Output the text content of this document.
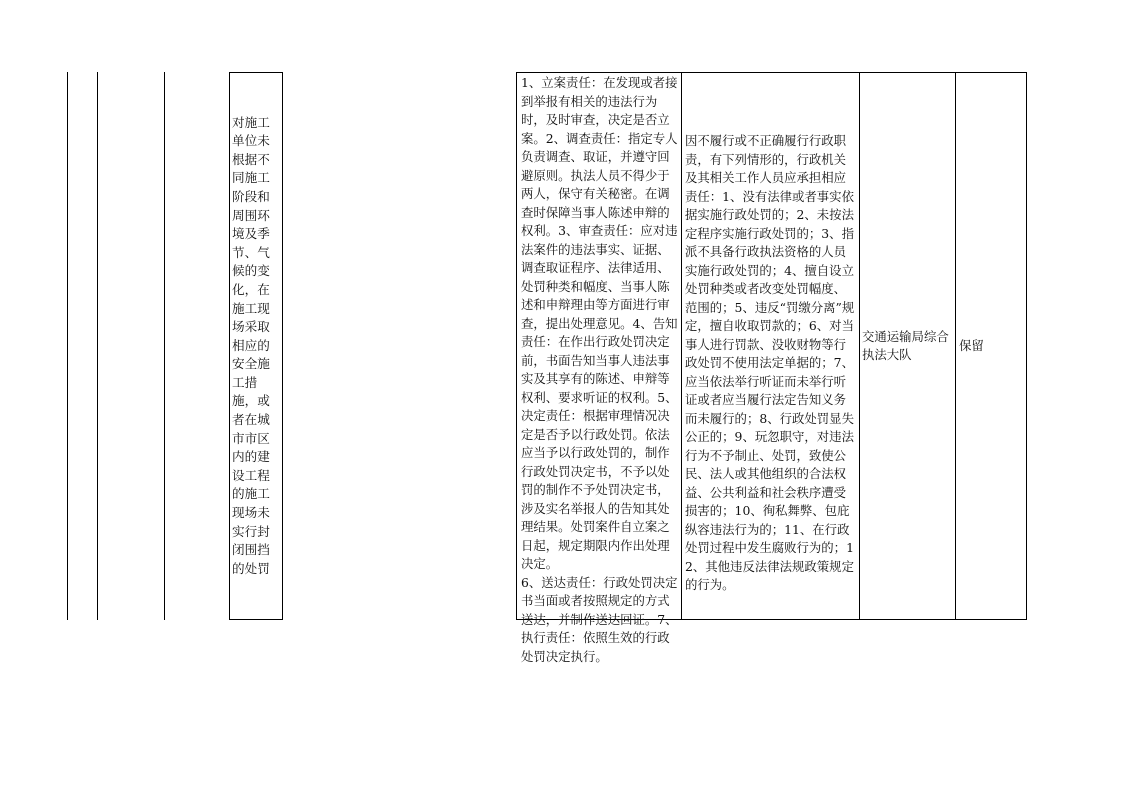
对施工单位未根据不同施工阶段和周围环境及季节、气候的变化，在施工现场采取相应的安全施工措施，或者在城市市区内的建设工程的施工现场未实行封闭围挡的处罚
1、立案责任：在发现或者接到举报有相关的违法行为时，及时审查，决定是否立案。2、调查责任：指定专人负责调查、取证，并遵守回避原则。执法人员不得少于两人，保守有关秘密。在调查时保障当事人陈述申辩的权利。3、审查责任：应对违法案件的违法事实、证据、调查取证程序、法律适用、处罚种类和幅度、当事人陈述和申辩理由等方面进行审查，提出处理意见。4、告知责任：在作出行政处罚决定前，书面告知当事人违法事实及其享有的陈述、申辩等权利、要求听证的权利。5、决定责任：根据审理情况决定是否予以行政处罚。依法应当予以行政处罚的，制作行政处罚决定书，不予以处罚的制作不予处罚决定书，涉及实名举报人的告知其处理结果。处罚案件自立案之日起，规定期限内作出处理决定。
6、送达责任：行政处罚决定书当面或者按照规定的方式送达，并制作送达回证。7、执行责任：依照生效的行政处罚决定执行。
因不履行或不正确履行行政职责，有下列情形的，行政机关及其相关工作人员应承担相应责任：1、没有法律或者事实依据实施行政处罚的；2、未按法定程序实施行政处罚的；3、指派不具备行政执法资格的人员实施行政处罚的；4、擅自设立处罚种类或者改变处罚幅度、范围的；5、违反“罚缴分离”规定，擅自收取罚款的；6、对当事人进行罚款、没收财物等行政处罚不使用法定单据的；7、应当依法举行听证而未举行听证或者应当履行法定告知义务而未履行的；8、行政处罚显失公正的；9、玩忽职守，对违法行为不予制止、处罚，致使公民、法人或其他组织的合法权益、公共利益和社会秩序遭受损害的；10、徇私舞弊、包庇纵容违法行为的；11、在行政处罚过程中发生腐败行为的；12、其他违反法律法规政策规定的行为。
交通运输局综合执法大队
保留
